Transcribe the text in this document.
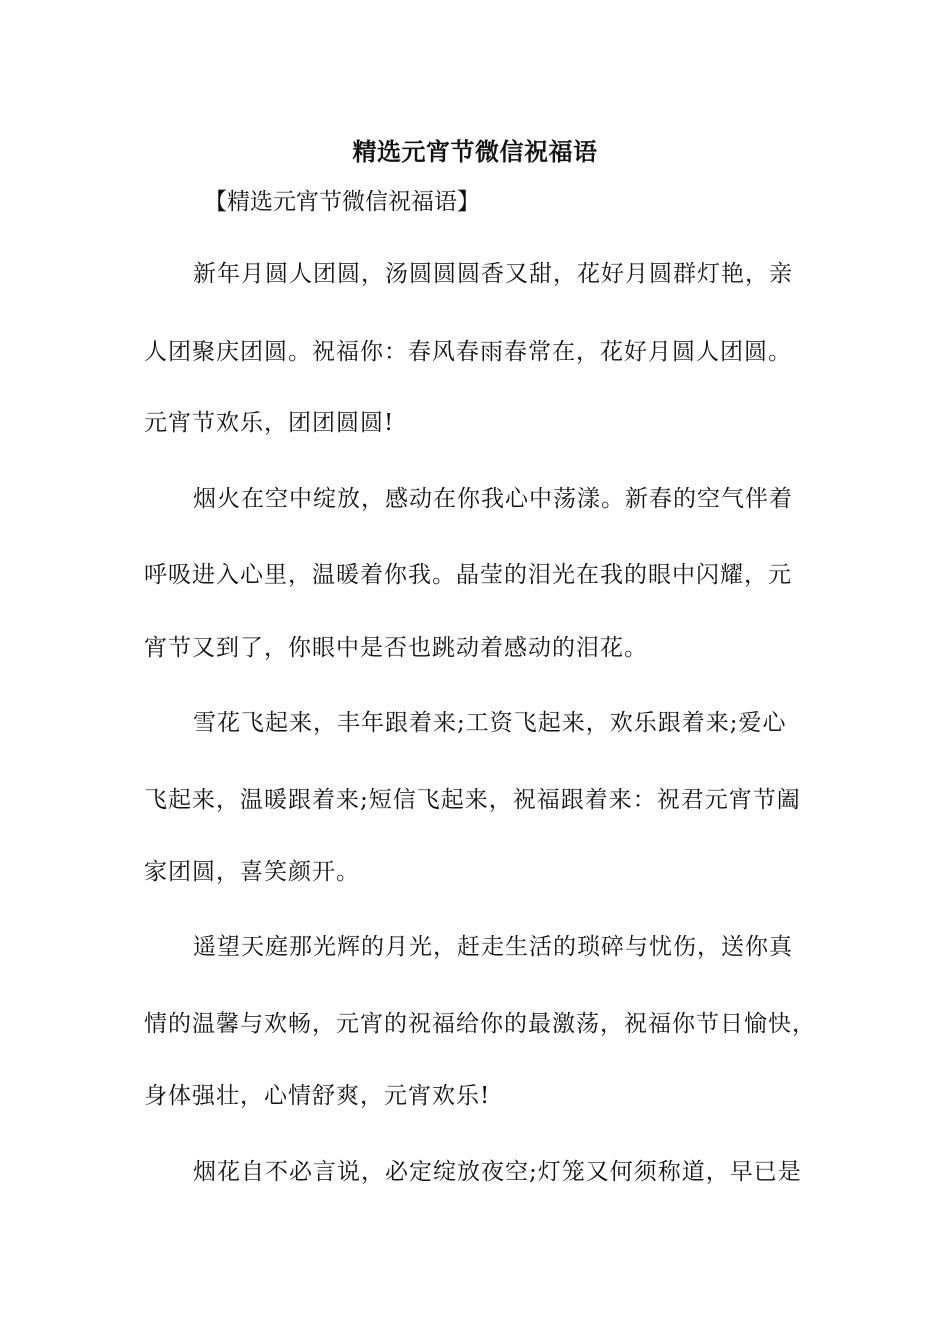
精选元宵节微信祝福语
【精选元宵节微信祝福语】
新年月圆人团圆，汤圆圆圆香又甜，花好月圆群灯艳，亲
人团聚庆团圆。祝福你：春风春雨春常在，花好月圆人团圆。
元宵节欢乐，团团圆圆!
烟火在空中绽放，感动在你我心中荡漾。新春的空气伴着
呼吸进入心里，温暖着你我。晶莹的泪光在我的眼中闪耀，元
宵节又到了，你眼中是否也跳动着感动的泪花。
雪花飞起来，丰年跟着来;工资飞起来，欢乐跟着来;爱心
飞起来，温暖跟着来;短信飞起来，祝福跟着来：祝君元宵节阖
家团圆，喜笑颜开。
遥望天庭那光辉的月光，赶走生活的琐碎与忧伤，送你真
情的温馨与欢畅，元宵的祝福给你的最激荡，祝福你节日愉快，
身体强壮，心情舒爽，元宵欢乐!
烟花自不必言说，必定绽放夜空;灯笼又何须称道，早已是
